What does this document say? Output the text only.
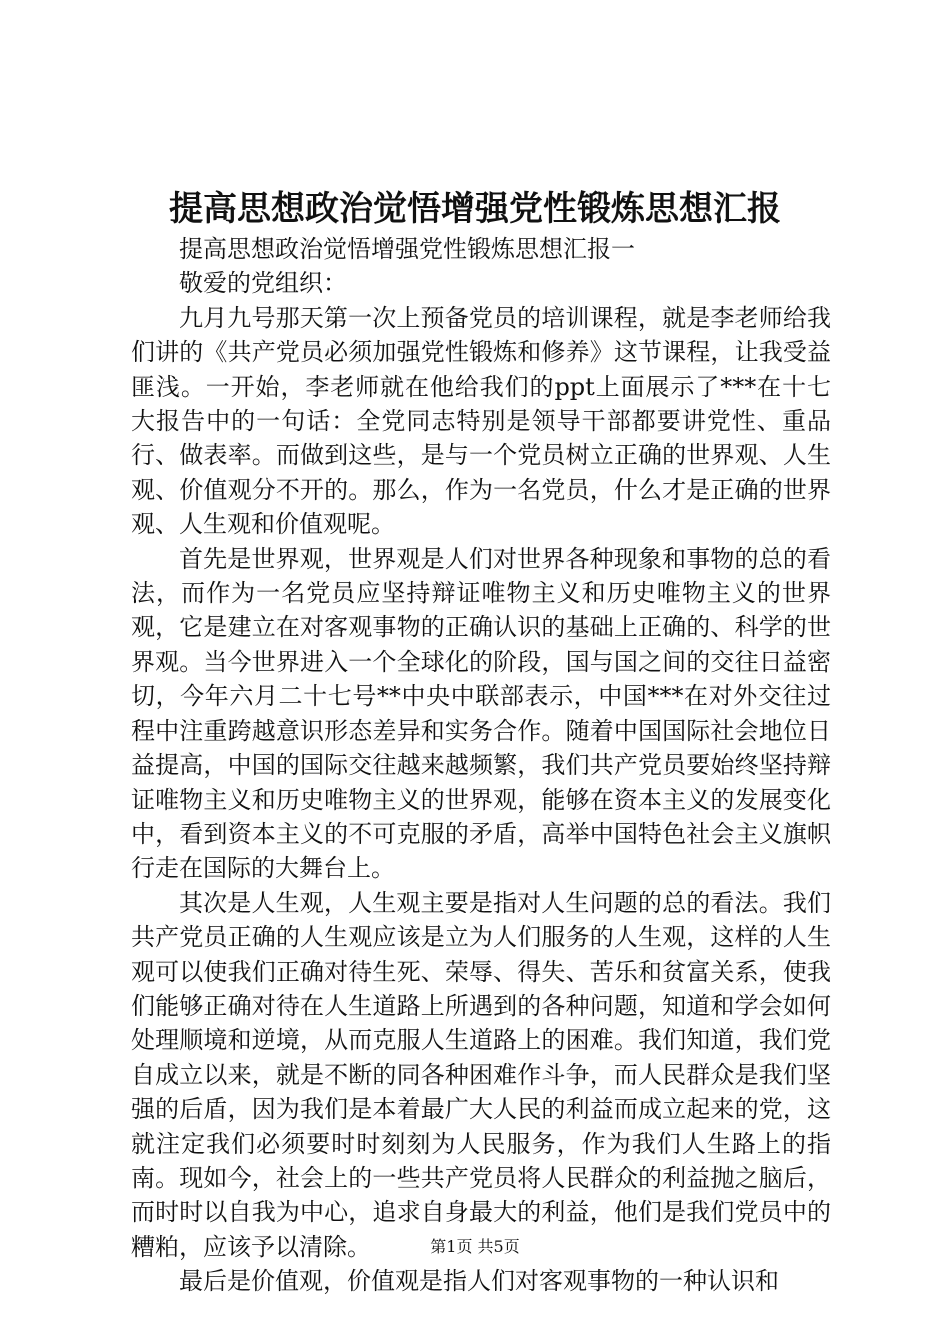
提高思想政治觉悟增强党性锻炼思想汇报

提高思想政治觉悟增强党性锻炼思想汇报一

敬爱的党组织：

九月九号那天第一次上预备党员的培训课程，就是李老师给我们讲的《共产党员必须加强党性锻炼和修养》这节课程，让我受益匪浅。一开始，李老师就在他给我们的ppt上面展示了***在十七大报告中的一句话：全党同志特别是领导干部都要讲党性、重品行、做表率。而做到这些，是与一个党员树立正确的世界观、人生观、价值观分不开的。那么，作为一名党员，什么才是正确的世界观、人生观和价值观呢。

首先是世界观，世界观是人们对世界各种现象和事物的总的看法，而作为一名党员应坚持辩证唯物主义和历史唯物主义的世界观，它是建立在对客观事物的正确认识的基础上正确的、科学的世界观。当今世界进入一个全球化的阶段，国与国之间的交往日益密切，今年六月二十七号**中央中联部表示，中国***在对外交往过程中注重跨越意识形态差异和实务合作。随着中国国际社会地位日益提高，中国的国际交往越来越频繁，我们共产党员要始终坚持辩证唯物主义和历史唯物主义的世界观，能够在资本主义的发展变化中，看到资本主义的不可克服的矛盾，高举中国特色社会主义旗帜行走在国际的大舞台上。

其次是人生观，人生观主要是指对人生问题的总的看法。我们共产党员正确的人生观应该是立为人们服务的人生观，这样的人生观可以使我们正确对待生死、荣辱、得失、苦乐和贫富关系，使我们能够正确对待在人生道路上所遇到的各种问题，知道和学会如何处理顺境和逆境，从而克服人生道路上的困难。我们知道，我们党自成立以来，就是不断的同各种困难作斗争，而人民群众是我们坚强的后盾，因为我们是本着最广大人民的利益而成立起来的党，这就注定我们必须要时时刻刻为人民服务，作为我们人生路上的指南。现如今，社会上的一些共产党员将人民群众的利益抛之脑后，而时时以自我为中心，追求自身最大的利益，他们是我们党员中的糟粕，应该予以清除。

最后是价值观，价值观是指人们对客观事物的一种认识和

第1页 共5页
